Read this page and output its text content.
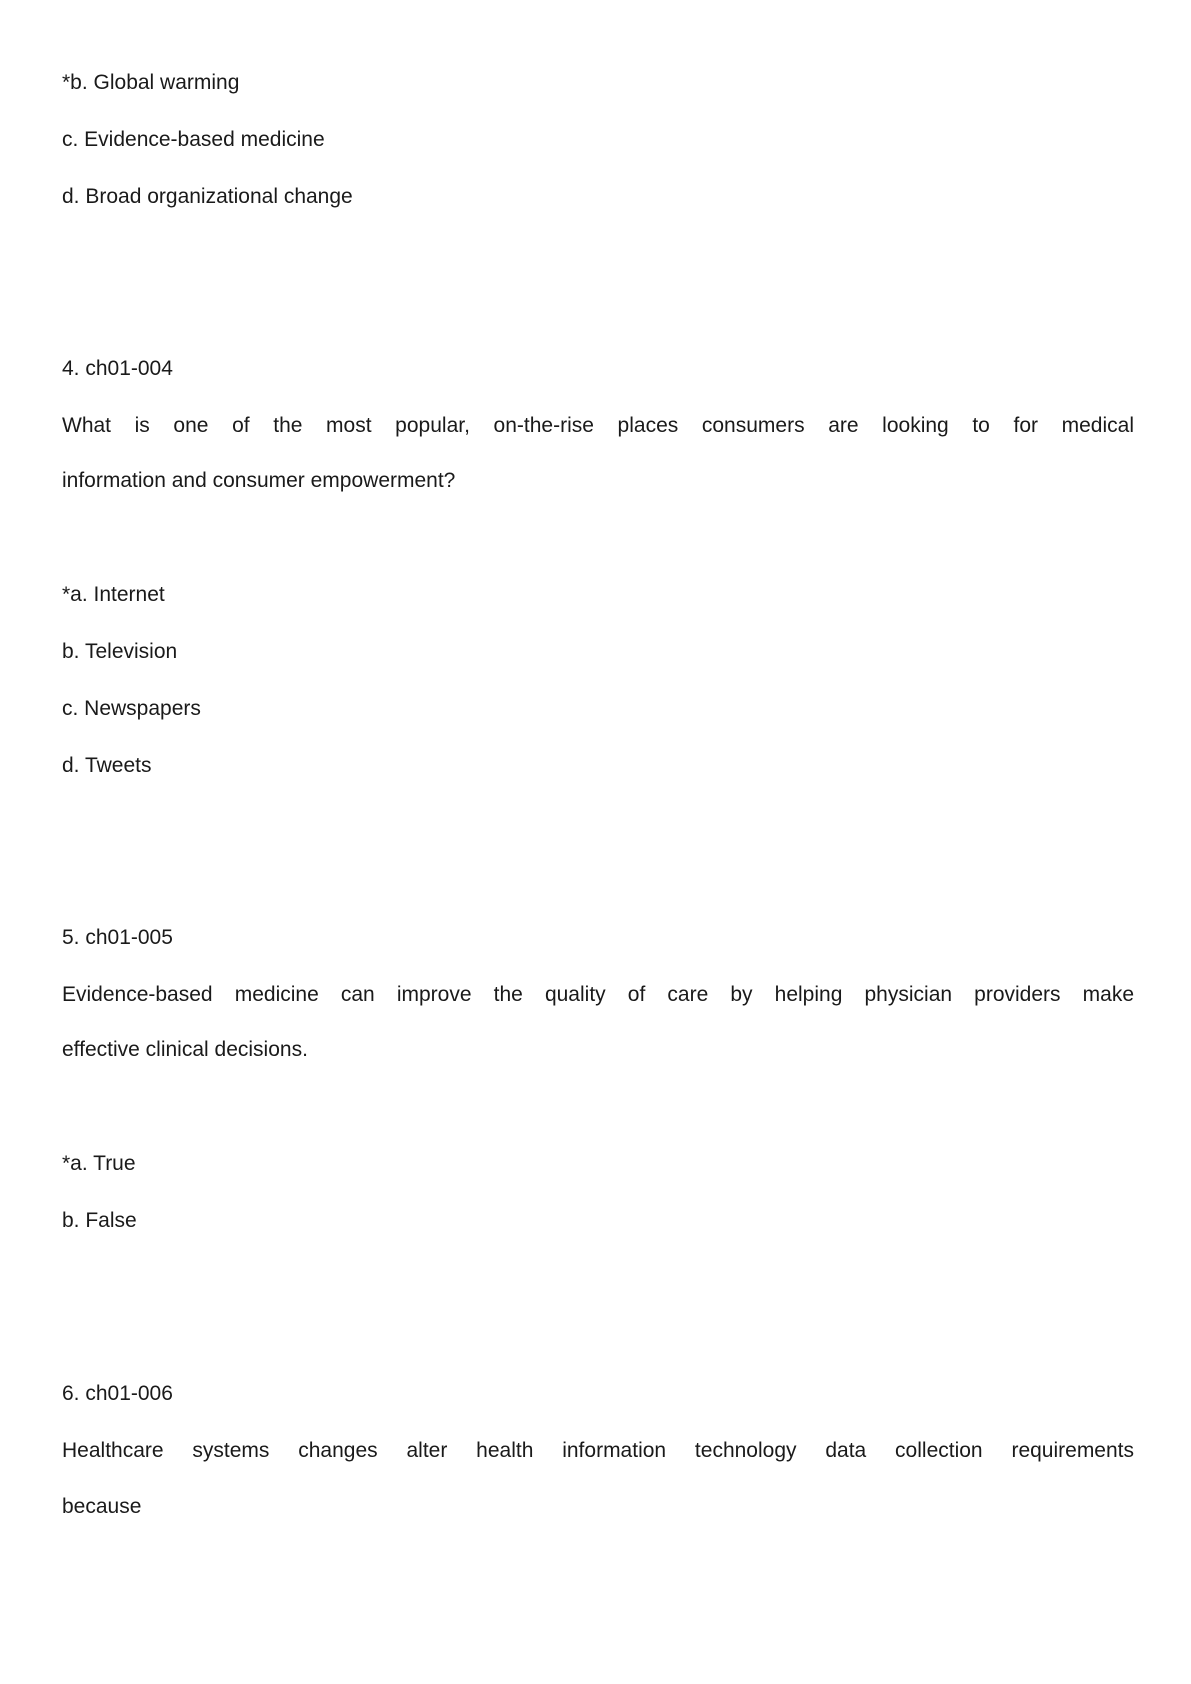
*b. Global warming
c. Evidence-based medicine
d. Broad organizational change
4. ch01-004
What is one of the most popular, on-the-rise places consumers are looking to for medical
information and consumer empowerment?
*a. Internet
b. Television
c. Newspapers
d. Tweets
5. ch01-005
Evidence-based medicine can improve the quality of care by helping physician providers make
effective clinical decisions.
*a. True
b. False
6. ch01-006
Healthcare systems changes alter health information technology data collection requirements
because
